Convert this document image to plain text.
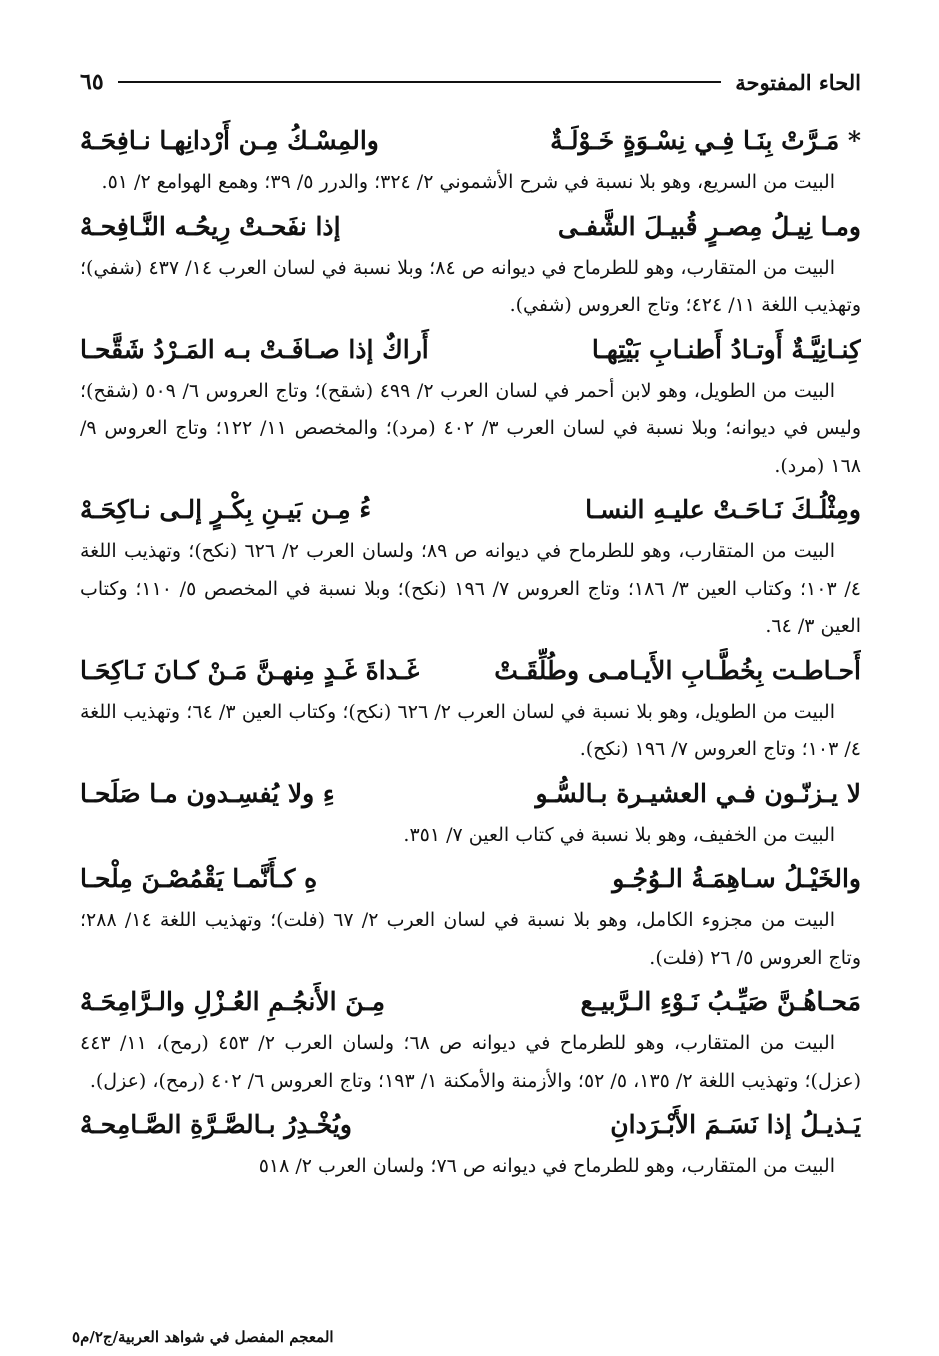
الحاء المفتوحة
٦٥
* مَـرَّتْ بِنَـا فِـي نِسْـوَةٍ خَـوْلَـةٌ
والمِسْـكُ مِـن أَرْدانِهـا نـافِحَـهْ

البيت من السريع، وهو بلا نسبة في شرح الأشموني ٢/ ٣٢٤؛ والدرر ٥/ ٣٩؛ وهمع الهوامع ٢/ ٥١.

ومـا نِيـلُ مِصـرٍ قُبيـلَ الشَّفـى
إذا نفَحـتْ رِيحُـه النَّـافِحـهْ

البيت من المتقارب، وهو للطرماح في ديوانه ص ٨٤؛ وبلا نسبة في لسان العرب ١٤/ ٤٣٧ (شفي)؛ وتهذيب اللغة ١١/ ٤٢٤؛ وتاج العروس (شفي).

كِنـانِيَّـةٌ أَوتـادُ أَطنـابِ بَيْتِهـا
أَراكٌ إذا صـافَـتْ بـه المَـرْدُ شَقَّحـا

البيت من الطويل، وهو لابن أحمر في لسان العرب ٢/ ٤٩٩ (شقح)؛ وتاج العروس ٦/ ٥٠٩ (شقح)؛ وليس في ديوانه؛ وبلا نسبة في لسان العرب ٣/ ٤٠٢ (مرد)؛ والمخصص ١١/ ١٢٢؛ وتاج العروس ٩/ ١٦٨ (مرد).

ومِثْلُـكَ نَـاحَـتْ عليـهِ النسـا
ءُ مِـن بَيـنِ بِكْـرٍ إلـى نـاكِحَـهْ

البيت من المتقارب، وهو للطرماح في ديوانه ص ٨٩؛ ولسان العرب ٢/ ٦٢٦ (نكح)؛ وتهذيب اللغة ٤/ ١٠٣؛ وكتاب العين ٣/ ١٨٦؛ وتاج العروس ٧/ ١٩٦ (نكح)؛ وبلا نسبة في المخصص ٥/ ١١٠؛ وكتاب العين ٣/ ٦٤.

أَحـاطـت بِخُطَّـابِ الأَيـامـى وطُلِّقَـتْ
غَـداةَ غَـدٍ مِنهـنَّ مَـنْ كـانَ نَـاكِحَـا

البيت من الطويل، وهو بلا نسبة في لسان العرب ٢/ ٦٢٦ (نكح)؛ وكتاب العين ٣/ ٦٤؛ وتهذيب اللغة ٤/ ١٠٣؛ وتاج العروس ٧/ ١٩٦ (نكح).

لا يـزنّـون فـي العشيـرة بـالسُّـو
ءِ ولا يُفسِـدون مـا صَلَحـا

البيت من الخفيف، وهو بلا نسبة في كتاب العين ٧/ ٣٥١.

والخَيْـلُ سـاهِمَـةُ الـوُجُـو
هِ كـأَنَّمـا يَقْمُصْـنَ مِلْحـا

البيت من مجزوء الكامل، وهو بلا نسبة في لسان العرب ٢/ ٦٧ (فلت)؛ وتهذيب اللغة ١٤/ ٢٨٨؛ وتاج العروس ٥/ ٢٦ (فلت).

مَحـاهُـنَّ صَيِّـبُ نَـوْءِ الـرَّبيـع
مِـنَ الأَنجُـمِ العُـزْلِ والـرَّامِحَـهْ

البيت من المتقارب، وهو للطرماح في ديوانه ص ٦٨؛ ولسان العرب ٢/ ٤٥٣ (رمح)، ١١/ ٤٤٣ (عزل)؛ وتهذيب اللغة ٢/ ١٣٥، ٥/ ٥٢؛ والأزمنة والأمكنة ١/ ١٩٣؛ وتاج العروس ٦/ ٤٠٢ (رمح)، (عزل).

يَـذيـلُ إذا نَسَـمَ الأَبْـرَدانِ
ويُخْـدِرُ بـالصَّـرَّةِ الصَّـامِحـهْ

البيت من المتقارب، وهو للطرماح في ديوانه ص ٧٦؛ ولسان العرب ٢/ ٥١٨

المعجم المفصل في شواهد العربية/ج٢/م٥
